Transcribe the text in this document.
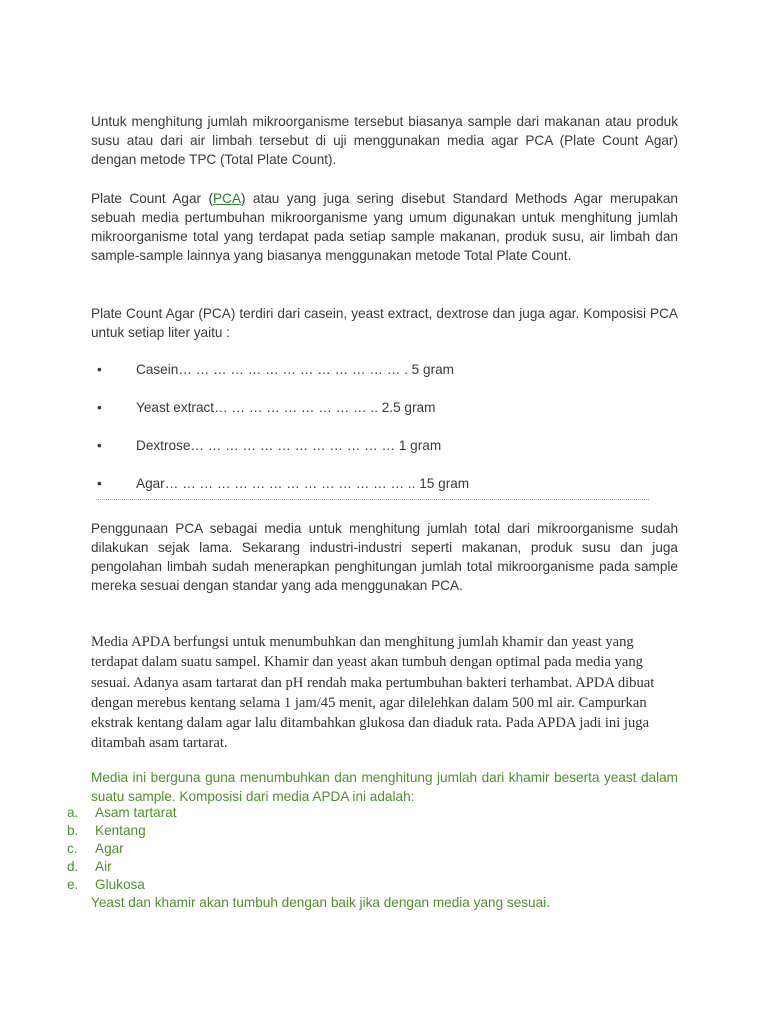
Untuk menghitung jumlah mikroorganisme tersebut biasanya sample dari makanan atau produk susu atau dari air limbah tersebut di uji menggunakan media agar PCA (Plate Count Agar) dengan metode TPC (Total Plate Count).

Plate Count Agar (PCA) atau yang juga sering disebut Standard Methods Agar merupakan sebuah media pertumbuhan mikroorganisme yang umum digunakan untuk menghitung jumlah mikroorganisme total yang terdapat pada setiap sample makanan, produk susu, air limbah dan sample-sample lainnya yang biasanya menggunakan metode Total Plate Count.

Plate Count Agar (PCA) terdiri dari casein, yeast extract, dextrose dan juga agar. Komposisi PCA untuk setiap liter yaitu :

•	Casein… … … … … … … … … … … … … . 5 gram
•	Yeast extract… … … … … … … … … .. 2.5 gram
•	Dextrose… … … … … … … … … … … … 1 gram
•	Agar… … … … … … … … … … … … … … .. 15 gram

Penggunaan PCA sebagai media untuk menghitung jumlah total dari mikroorganisme sudah dilakukan sejak lama. Sekarang industri-industri seperti makanan, produk susu dan juga pengolahan limbah sudah menerapkan penghitungan jumlah total mikroorganisme pada sample mereka sesuai dengan standar yang ada menggunakan PCA.

Media APDA berfungsi untuk menumbuhkan dan menghitung jumlah khamir dan yeast yang terdapat dalam suatu sampel. Khamir dan yeast akan tumbuh dengan optimal pada media yang sesuai. Adanya asam tartarat dan pH rendah maka pertumbuhan bakteri terhambat. APDA dibuat dengan merebus kentang selama 1 jam/45 menit, agar dilelehkan dalam 500 ml air. Campurkan ekstrak kentang dalam agar lalu ditambahkan glukosa dan diaduk rata. Pada APDA jadi ini juga ditambah asam tartarat.

Media ini berguna guna menumbuhkan dan menghitung jumlah dari khamir beserta yeast dalam suatu sample. Komposisi dari media APDA ini adalah:

a. Asam tartarat
b. Kentang
c. Agar
d. Air
e. Glukosa

Yeast dan khamir akan tumbuh dengan baik jika dengan media yang sesuai.
